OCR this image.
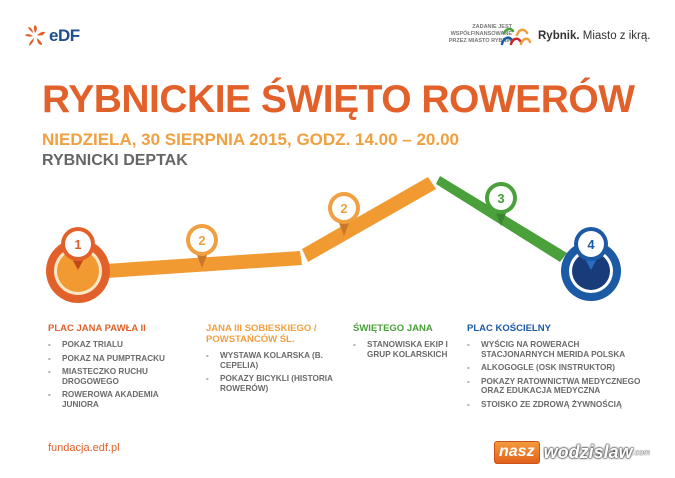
eDF	ZADANIE JEST
WSPÓŁFINANSOWANE
PRZEZ MIASTO RYBNIK Rybnik. Miasto z ikrą.
RYBNICKIE ŚWIĘTO ROWERÓW
NIEDZIELA, 30 SIERPNIA 2015, GODZ. 14.00 – 20.00
RYBNICKI DEPTAK
1	2
2
3
4
PLAC JANA PAWŁA II
- POKAZ TRIALU
- POKAZ NA PUMPTRACKU
- MIASTECZKO RUCHU DROGOWEGO
- ROWEROWA AKADEMIA JUNIORA
JANA III SOBIESKIEGO / POWSTAŃCÓW ŚL.
- WYSTAWA KOLARSKA (B. CEPELIA)
- POKAZY BICYKLI (HISTORIA ROWERÓW)
ŚWIĘTEGO JANA
- STANOWISKA EKIP I GRUP KOLARSKICH
PLAC KOŚCIELNY
- WYŚCIG NA ROWERACH STACJONARNYCH MERIDA POLSKA
- ALKOGOGLE (OSK INSTRUKTOR)
- POKAZY RATOWNICTWA MEDYCZNEGO ORAZ EDUKACJA MEDYCZNA
- STOISKO ZE ZDROWĄ ŻYWNOŚCIĄ
fundacja.edf.pl	nasz wodzislaw .com
